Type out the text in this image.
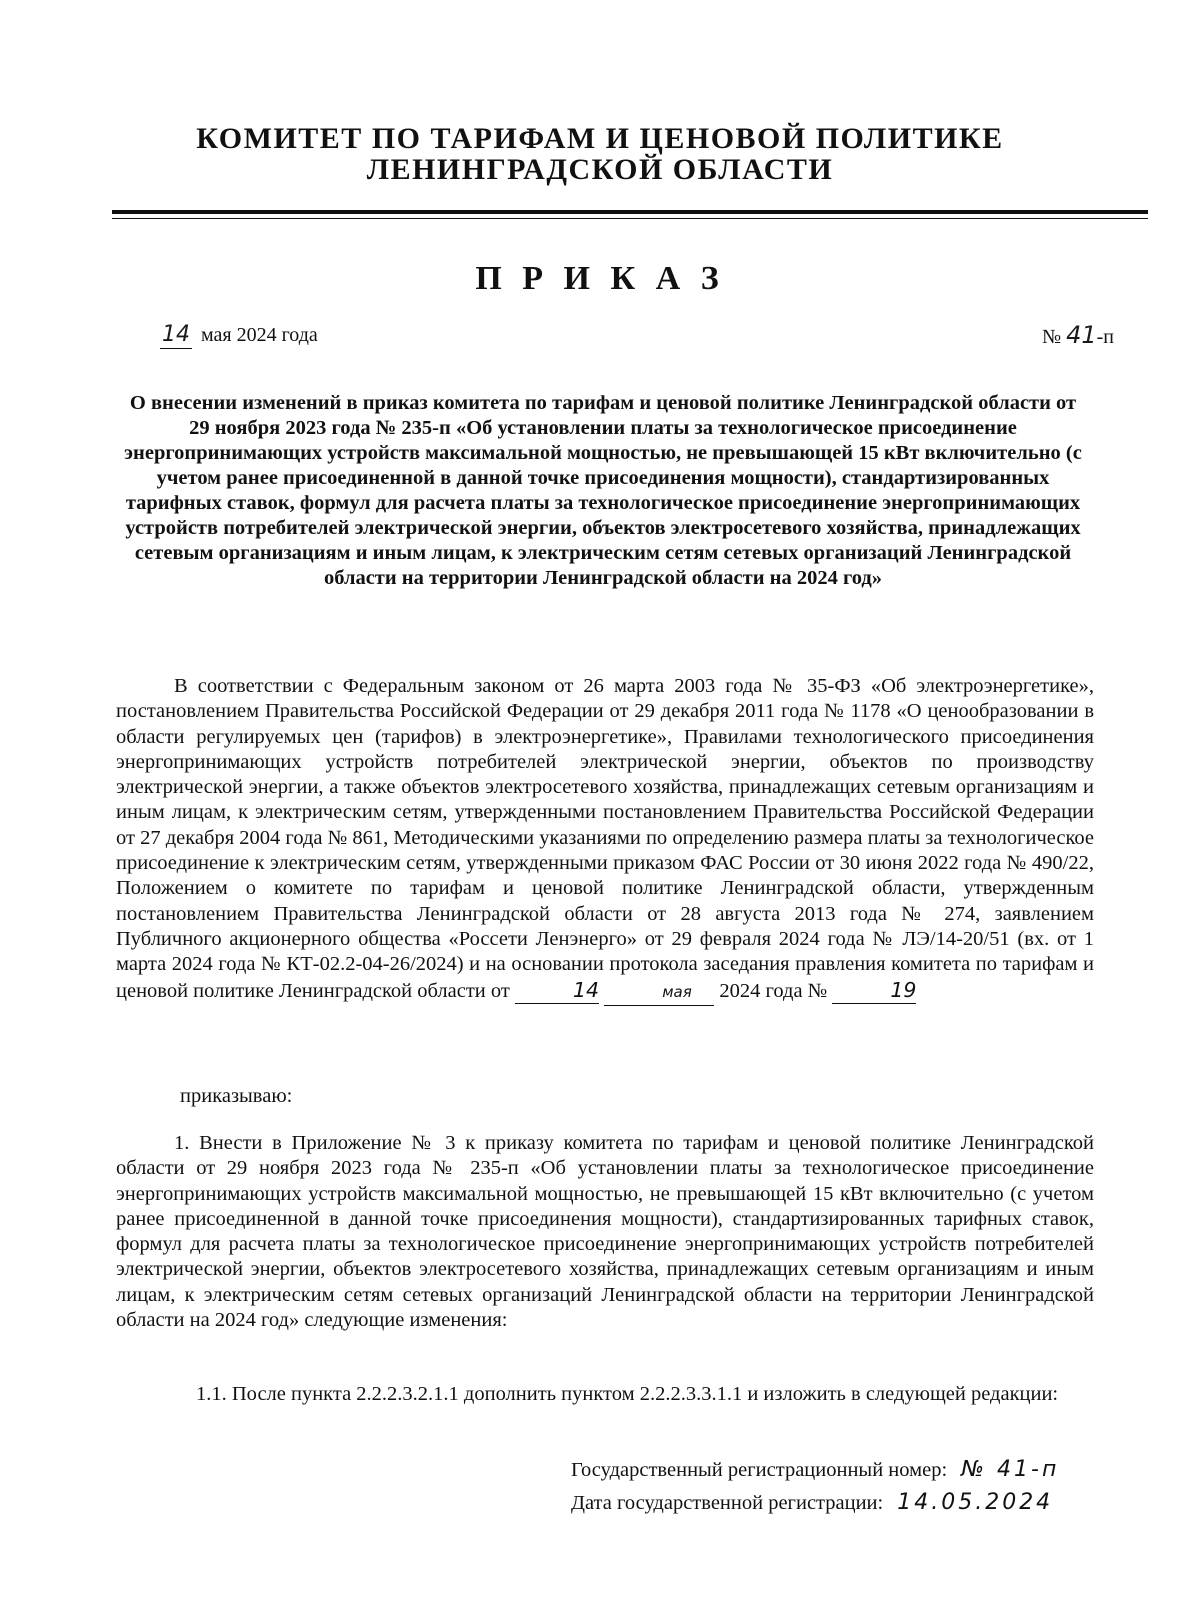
КОМИТЕТ ПО ТАРИФАМ И ЦЕНОВОЙ ПОЛИТИКЕ
ЛЕНИНГРАДСКОЙ ОБЛАСТИ
П Р И К А З
14 мая 2024 года	№ 41-п
О внесении изменений в приказ комитета по тарифам и ценовой политике Ленинградской области от 29 ноября 2023 года № 235-п «Об установлении платы за технологическое присоединение энергопринимающих устройств максимальной мощностью, не превышающей 15 кВт включительно (с учетом ранее присоединенной в данной точке присоединения мощности), стандартизированных тарифных ставок, формул для расчета платы за технологическое присоединение энергопринимающих устройств потребителей электрической энергии, объектов электросетевого хозяйства, принадлежащих сетевым организациям и иным лицам, к электрическим сетям сетевых организаций Ленинградской области на территории Ленинградской области на 2024 год»
В соответствии с Федеральным законом от 26 марта 2003 года № 35-ФЗ «Об электроэнергетике», постановлением Правительства Российской Федерации от 29 декабря 2011 года № 1178 «О ценообразовании в области регулируемых цен (тарифов) в электроэнергетике», Правилами технологического присоединения энергопринимающих устройств потребителей электрической энергии, объектов по производству электрической энергии, а также объектов электросетевого хозяйства, принадлежащих сетевым организациям и иным лицам, к электрическим сетям, утвержденными постановлением Правительства Российской Федерации от 27 декабря 2004 года № 861, Методическими указаниями по определению размера платы за технологическое присоединение к электрическим сетям, утвержденными приказом ФАС России от 30 июня 2022 года № 490/22, Положением о комитете по тарифам и ценовой политике Ленинградской области, утвержденным постановлением Правительства Ленинградской области от 28 августа 2013 года № 274, заявлением Публичного акционерного общества «Россети Ленэнерго» от 29 февраля 2024 года № ЛЭ/14-20/51 (вх. от 1 марта 2024 года № КТ-02.2-04-26/2024) и на основании протокола заседания правления комитета по тарифам и ценовой политике Ленинградской области от	14	мая 2024 года №	19
приказываю:
1. Внести в Приложение № 3 к приказу комитета по тарифам и ценовой политике Ленинградской области от 29 ноября 2023 года № 235-п «Об установлении платы за технологическое присоединение энергопринимающих устройств максимальной мощностью, не превышающей 15 кВт включительно (с учетом ранее присоединенной в данной точке присоединения мощности), стандартизированных тарифных ставок, формул для расчета платы за технологическое присоединение энергопринимающих устройств потребителей электрической энергии, объектов электросетевого хозяйства, принадлежащих сетевым организациям и иным лицам, к электрическим сетям сетевых организаций Ленинградской области на территории Ленинградской области на 2024 год» следующие изменения:
1.1. После пункта 2.2.2.3.2.1.1 дополнить пунктом 2.2.2.3.3.1.1 и изложить в следующей редакции:
Государственный регистрационный номер: № 41-п
Дата государственной регистрации: 14.05.2024
